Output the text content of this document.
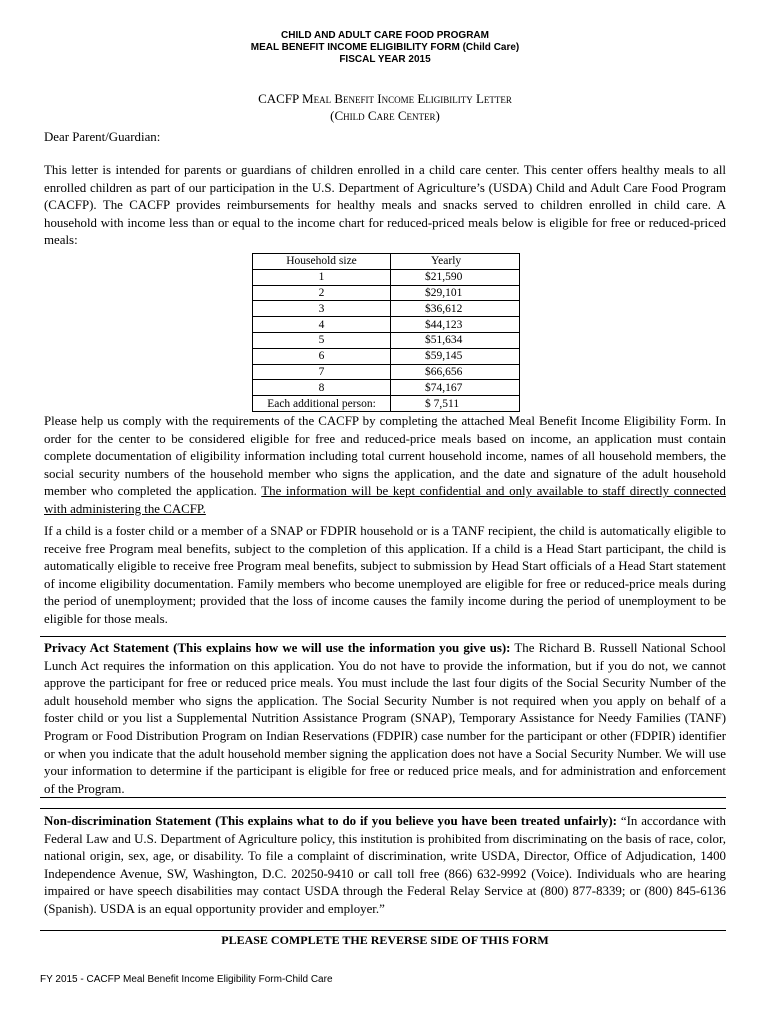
CHILD AND ADULT CARE FOOD PROGRAM
MEAL BENEFIT INCOME ELIGIBILITY FORM (Child Care)
FISCAL YEAR 2015
CACFP Meal Benefit Income Eligibility Letter
(Child Care Center)
Dear Parent/Guardian:
This letter is intended for parents or guardians of children enrolled in a child care center. This center offers healthy meals to all enrolled children as part of our participation in the U.S. Department of Agriculture’s (USDA) Child and Adult Care Food Program (CACFP). The CACFP provides reimbursements for healthy meals and snacks served to children enrolled in child care. A household with income less than or equal to the income chart for reduced-priced meals below is eligible for free or reduced-priced meals:
Household size	Yearly
1	$21,590
2	$29,101
3	$36,612
4	$44,123
5	$51,634
6	$59,145
7	$66,656
8	$74,167
Each additional person:	$ 7,511
Please help us comply with the requirements of the CACFP by completing the attached Meal Benefit Income Eligibility Form. In order for the center to be considered eligible for free and reduced-price meals based on income, an application must contain complete documentation of eligibility information including total current household income, names of all household members, the social security numbers of the household member who signs the application, and the date and signature of the adult household member who completed the application. The information will be kept confidential and only available to staff directly connected with administering the CACFP.
If a child is a foster child or a member of a SNAP or FDPIR household or is a TANF recipient, the child is automatically eligible to receive free Program meal benefits, subject to the completion of this application. If a child is a Head Start participant, the child is automatically eligible to receive free Program meal benefits, subject to submission by Head Start officials of a Head Start statement of income eligibility documentation. Family members who become unemployed are eligible for free or reduced-price meals during the period of unemployment; provided that the loss of income causes the family income during the period of unemployment to be eligible for those meals.
Privacy Act Statement (This explains how we will use the information you give us): The Richard B. Russell National School Lunch Act requires the information on this application. You do not have to provide the information, but if you do not, we cannot approve the participant for free or reduced price meals. You must include the last four digits of the Social Security Number of the adult household member who signs the application. The Social Security Number is not required when you apply on behalf of a foster child or you list a Supplemental Nutrition Assistance Program (SNAP), Temporary Assistance for Needy Families (TANF) Program or Food Distribution Program on Indian Reservations (FDPIR) case number for the participant or other (FDPIR) identifier or when you indicate that the adult household member signing the application does not have a Social Security Number. We will use your information to determine if the participant is eligible for free or reduced price meals, and for administration and enforcement of the Program.
Non-discrimination Statement (This explains what to do if you believe you have been treated unfairly): “In accordance with Federal Law and U.S. Department of Agriculture policy, this institution is prohibited from discriminating on the basis of race, color, national origin, sex, age, or disability. To file a complaint of discrimination, write USDA, Director, Office of Adjudication, 1400 Independence Avenue, SW, Washington, D.C. 20250-9410 or call toll free (866) 632-9992 (Voice). Individuals who are hearing impaired or have speech disabilities may contact USDA through the Federal Relay Service at (800) 877-8339; or (800) 845-6136 (Spanish). USDA is an equal opportunity provider and employer.”
PLEASE COMPLETE THE REVERSE SIDE OF THIS FORM
FY 2015 - CACFP Meal Benefit Income Eligibility Form-Child Care
